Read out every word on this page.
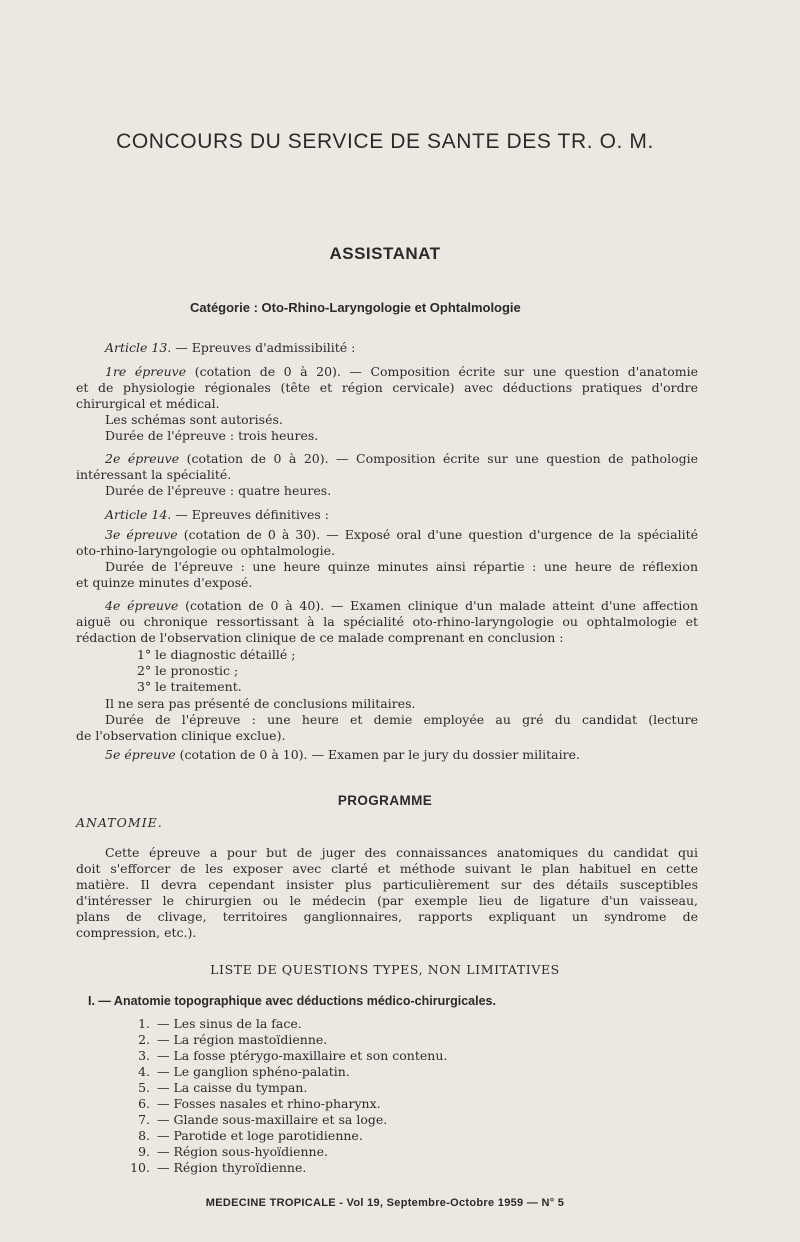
CONCOURS DU SERVICE DE SANTE DES TR. O. M.
ASSISTANAT
Catégorie : Oto-Rhino-Laryngologie et Ophtalmologie
Article 13. — Epreuves d'admissibilité :
1re épreuve (cotation de 0 à 20). — Composition écrite sur une question d'anatomie
et de physiologie régionales (tête et région cervicale) avec déductions pratiques d'ordre
chirurgical et médical.
Les schémas sont autorisés.
Durée de l'épreuve : trois heures.
2e épreuve (cotation de 0 à 20). — Composition écrite sur une question de pathologie
intéressant la spécialité.
Durée de l'épreuve : quatre heures.
Article 14. — Epreuves définitives :
3e épreuve (cotation de 0 à 30). — Exposé oral d'une question d'urgence de la spécialité
oto-rhino-laryngologie ou ophtalmologie.
Durée de l'épreuve : une heure quinze minutes ainsi répartie : une heure de réflexion
et quinze minutes d'exposé.
4e épreuve (cotation de 0 à 40). — Examen clinique d'un malade atteint d'une affection
aiguë ou chronique ressortissant à la spécialité oto-rhino-laryngologie ou ophtalmologie et
rédaction de l'observation clinique de ce malade comprenant en conclusion :
1° le diagnostic détaillé ;
2° le pronostic ;
3° le traitement.
Il ne sera pas présenté de conclusions militaires.
Durée de l'épreuve : une heure et demie employée au gré du candidat (lecture
de l'observation clinique exclue).
5e épreuve (cotation de 0 à 10). — Examen par le jury du dossier militaire.
PROGRAMME
ANATOMIE.
Cette épreuve a pour but de juger des connaissances anatomiques du candidat qui
doit s'efforcer de les exposer avec clarté et méthode suivant le plan habituel en cette
matière. Il devra cependant insister plus particulièrement sur des détails susceptibles
d'intéresser le chirurgien ou le médecin (par exemple lieu de ligature d'un vaisseau,
plans de clivage, territoires ganglionnaires, rapports expliquant un syndrome de
compression, etc.).
LISTE DE QUESTIONS TYPES, NON LIMITATIVES
I. — Anatomie topographique avec déductions médico-chirurgicales.
1. — Les sinus de la face.
2. — La région mastoïdienne.
3. — La fosse ptérygo-maxillaire et son contenu.
4. — Le ganglion sphéno-palatin.
5. — La caisse du tympan.
6. — Fosses nasales et rhino-pharynx.
7. — Glande sous-maxillaire et sa loge.
8. — Parotide et loge parotidienne.
9. — Région sous-hyoïdienne.
10. — Région thyroïdienne.
MEDECINE TROPICALE - Vol 19, Septembre-Octobre 1959 — N° 5
